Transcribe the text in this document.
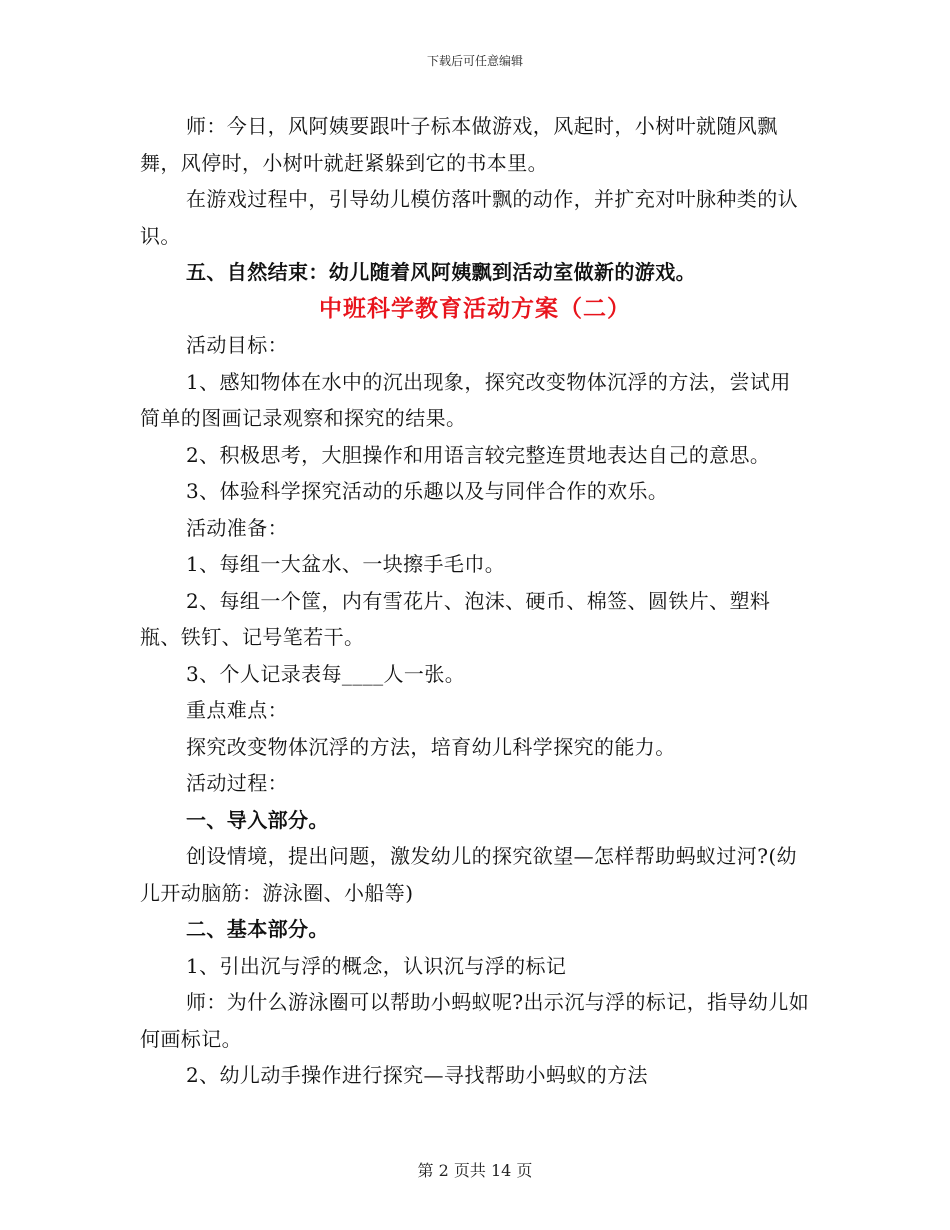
下载后可任意编辑

师：今日，风阿姨要跟叶子标本做游戏，风起时，小树叶就随风飘舞，风停时，小树叶就赶紧躲到它的书本里。

在游戏过程中，引导幼儿模仿落叶飘的动作，并扩充对叶脉种类的认识。

五、自然结束：幼儿随着风阿姨飘到活动室做新的游戏。

中班科学教育活动方案（二）

活动目标：

1、感知物体在水中的沉出现象，探究改变物体沉浮的方法，尝试用简单的图画记录观察和探究的结果。

2、积极思考，大胆操作和用语言较完整连贯地表达自己的意思。

3、体验科学探究活动的乐趣以及与同伴合作的欢乐。

活动准备：

1、每组一大盆水、一块擦手毛巾。

2、每组一个筐，内有雪花片、泡沫、硬币、棉签、圆铁片、塑料瓶、铁钉、记号笔若干。

3、个人记录表每____人一张。

重点难点：

探究改变物体沉浮的方法，培育幼儿科学探究的能力。

活动过程：

一、导入部分。

创设情境，提出问题，激发幼儿的探究欲望—怎样帮助蚂蚁过河?(幼儿开动脑筋：游泳圈、小船等)

二、基本部分。

1、引出沉与浮的概念，认识沉与浮的标记

师：为什么游泳圈可以帮助小蚂蚁呢?出示沉与浮的标记，指导幼儿如何画标记。

2、幼儿动手操作进行探究—寻找帮助小蚂蚁的方法

第 2 页共 14 页
